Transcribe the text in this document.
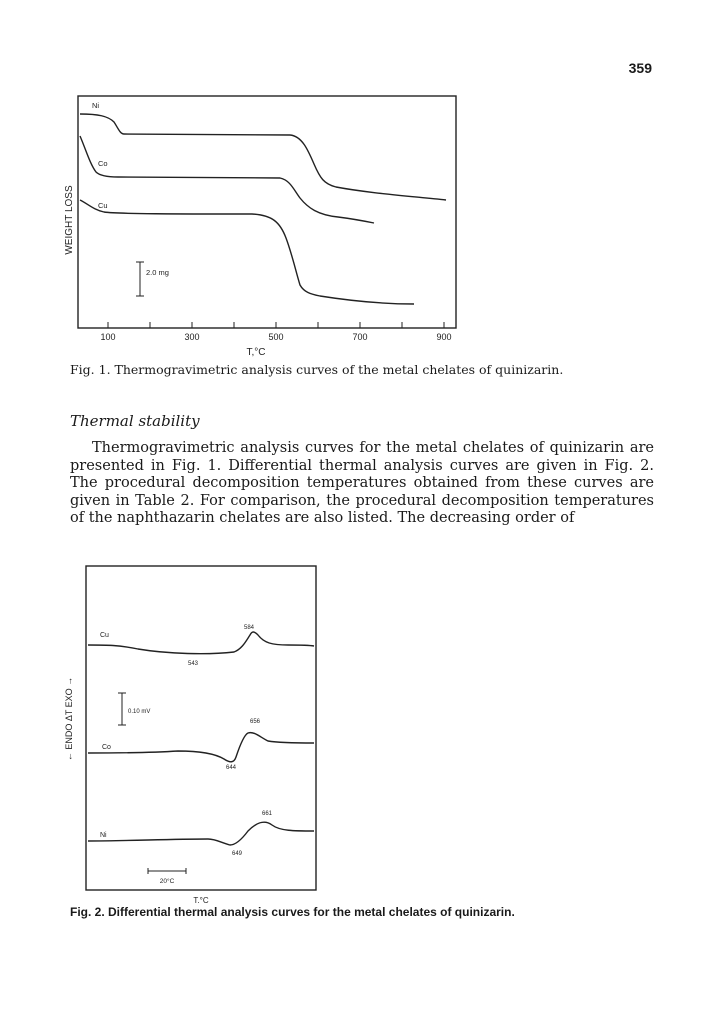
359
100	300	500	700	900
T,°C
WEIGHT LOSS
Ni
Co
Cu
2.0 mg
Fig. 1. Thermogravimetric analysis curves of the metal chelates of quinizarin.
Thermal stability

Thermogravimetric analysis curves for the metal chelates of quinizarin are presented in Fig. 1. Differential thermal analysis curves are given in Fig. 2. The procedural decomposition temperatures obtained from these curves are given in Table 2. For comparison, the procedural decomposition temperatures of the naphthazarin chelates are also listed. The decreasing order of

← ENDO ΔT EXO →
T,°C
Cu
543
584
Co
644
656
Ni
649
661
0.10 mV
20°C
Fig. 2. Differential thermal analysis curves for the metal chelates of quinizarin.
